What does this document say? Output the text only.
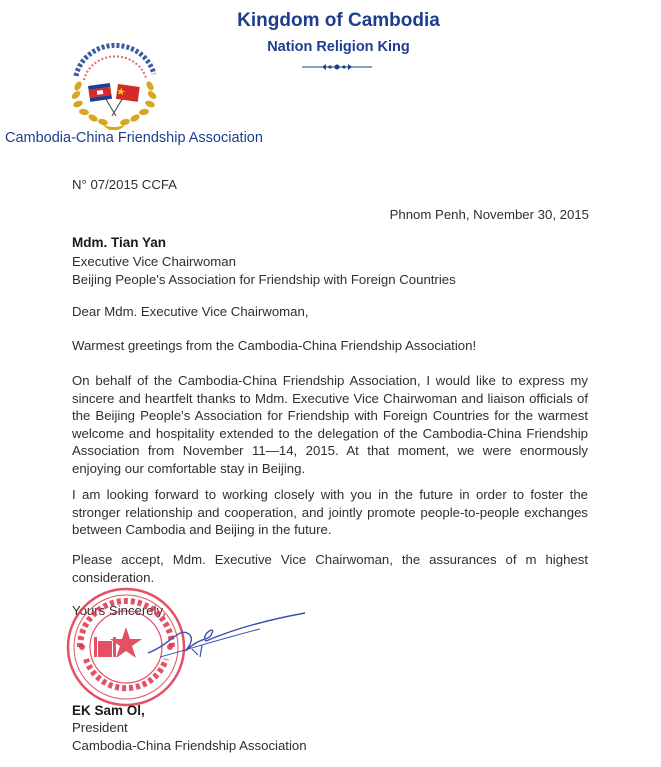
Kingdom of Cambodia
Nation Religion King
Cambodia-China Friendship Association
N° 07/2015 CCFA
Phnom Penh, November 30, 2015
Mdm. Tian Yan
Executive Vice Chairwoman
Beijing People's Association for Friendship with Foreign Countries
Dear Mdm. Executive Vice Chairwoman,
Warmest greetings from the Cambodia-China Friendship Association!
On behalf of the Cambodia-China Friendship Association, I would like to express my sincere and heartfelt thanks to Mdm. Executive Vice Chairwoman and liaison officials of the Beijing People's Association for Friendship with Foreign Countries for the warmest welcome and hospitality extended to the delegation of the Cambodia-China Friendship Association from November 11—14, 2015. At that moment, we were enormously enjoying our comfortable stay in Beijing.
I am looking forward to working closely with you in the future in order to foster the stronger relationship and cooperation, and jointly promote people-to-people exchanges between Cambodia and Beijing in the future.
Please accept, Mdm. Executive Vice Chairwoman, the assurances of m highest consideration.
Yours Sincerely,
EK Sam Ol,
President
Cambodia-China Friendship Association
